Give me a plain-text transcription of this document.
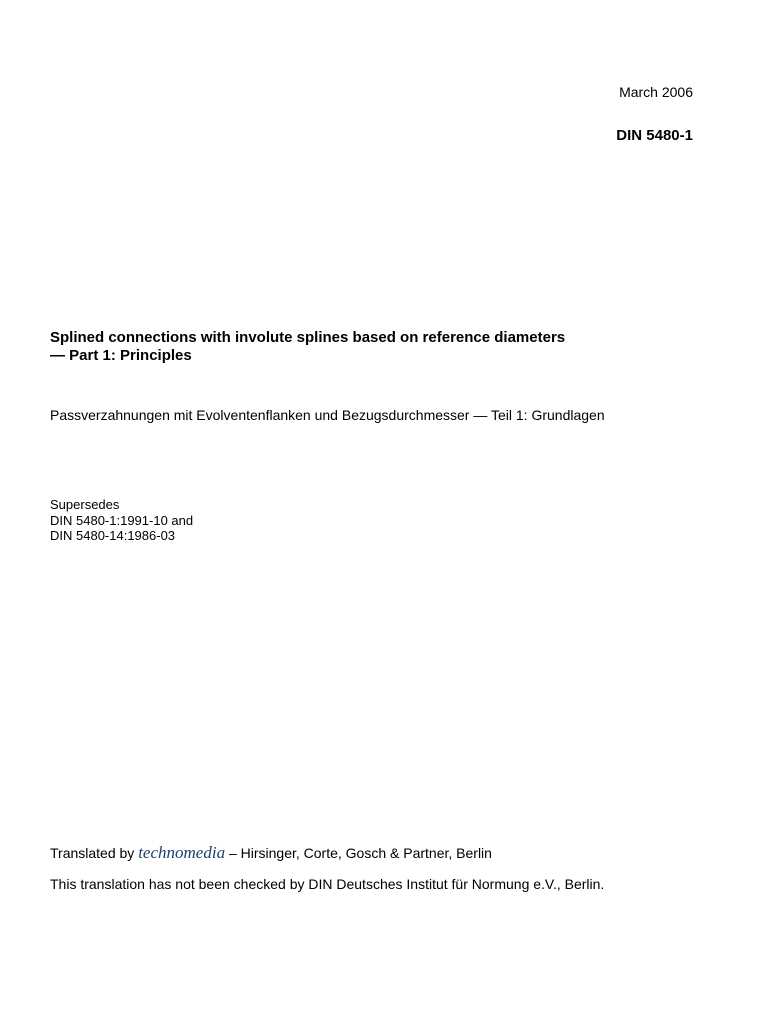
March 2006
DIN 5480-1
Splined connections with involute splines based on reference diameters
— Part 1: Principles
Passverzahnungen mit Evolventenflanken und Bezugsdurchmesser — Teil 1: Grundlagen
Supersedes
DIN 5480-1:1991-10 and
DIN 5480-14:1986-03
Translated by technomedia – Hirsinger, Corte, Gosch & Partner, Berlin
This translation has not been checked by DIN Deutsches Institut für Normung e.V., Berlin.
